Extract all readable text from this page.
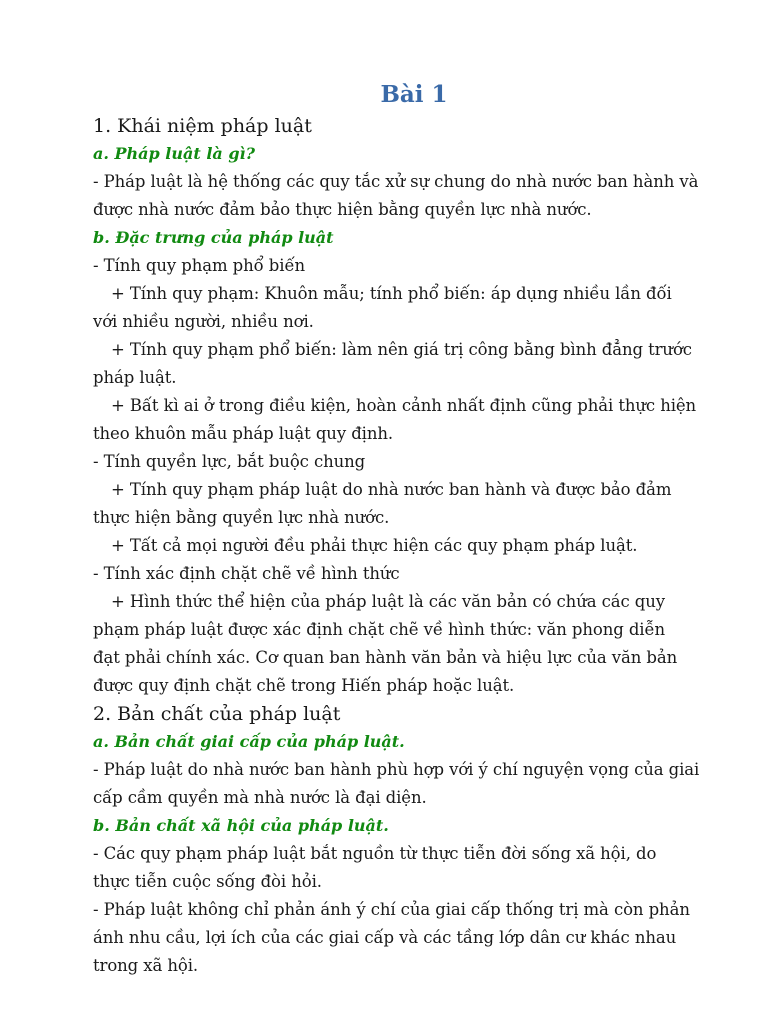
Bài 1
1. Khái niệm pháp luật
a. Pháp luật là gì?

- Pháp luật là hệ thống các quy tắc xử sự chung do nhà nước ban hành và

được nhà nước đảm bảo thực hiện bằng quyền lực nhà nước.

b. Đặc trưng của pháp luật

- Tính quy phạm phổ biến

+ Tính quy phạm: Khuôn mẫu; tính phổ biến: áp dụng nhiều lần đối

với nhiều người, nhiều nơi.

+ Tính quy phạm phổ biến: làm nên giá trị công bằng bình đẳng trước

pháp luật.

+ Bất kì ai ở trong điều kiện, hoàn cảnh nhất định cũng phải thực hiện

theo khuôn mẫu pháp luật quy định.

- Tính quyền lực, bắt buộc chung

+ Tính quy phạm pháp luật do nhà nước ban hành và được bảo đảm

thực hiện bằng quyền lực nhà nước.

+ Tất cả mọi người đều phải thực hiện các quy phạm pháp luật.

- Tính xác định chặt chẽ về hình thức

+ Hình thức thể hiện của pháp luật là các văn bản có chứa các quy

phạm pháp luật được xác định chặt chẽ về hình thức: văn phong diễn

đạt phải chính xác. Cơ quan ban hành văn bản và hiệu lực của văn bản

được quy định chặt chẽ trong Hiến pháp hoặc luật.

2. Bản chất của pháp luật
a. Bản chất giai cấp của pháp luật.

- Pháp luật do nhà nước ban hành phù hợp với ý chí nguyện vọng của giai

cấp cầm quyền mà nhà nước là đại diện.

b. Bản chất xã hội của pháp luật.

- Các quy phạm pháp luật bắt nguồn từ thực tiễn đời sống xã hội, do

thực tiễn cuộc sống đòi hỏi.

- Pháp luật không chỉ phản ánh ý chí của giai cấp thống trị mà còn phản

ánh nhu cầu, lợi ích của các giai cấp và các tầng lớp dân cư khác nhau

trong xã hội.
